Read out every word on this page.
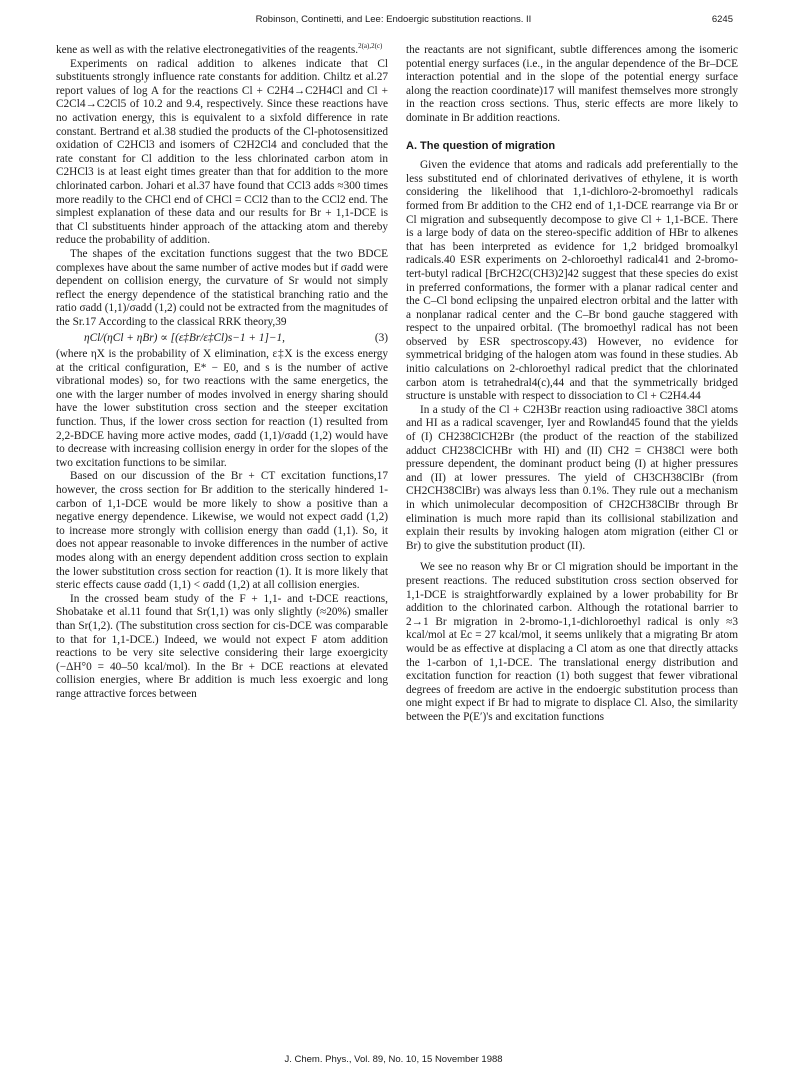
Robinson, Continetti, and Lee: Endoergic substitution reactions. II	6245

kene as well as with the relative electronegativities of the reagents.$^{2(a),2(c)}$

Experiments on radical addition to alkenes indicate that Cl substituents strongly influence rate constants for addition. Chiltz et al.27 report values of log A for the reactions Cl + C2H4→C2H4Cl and Cl + C2Cl4→C2Cl5 of 10.2 and 9.4, respectively. Since these reactions have no activation energy, this is equivalent to a sixfold difference in rate constant. Bertrand et al.38 studied the products of the Cl-photosensitized oxidation of C2HCl3 and isomers of C2H2Cl4 and concluded that the rate constant for Cl addition to the less chlorinated carbon atom in C2HCl3 is at least eight times greater than that for addition to the more chlorinated carbon. Johari et al.37 have found that CCl3 adds ≈300 times more readily to the CHCl end of CHCl = CCl2 than to the CCl2 end. The simplest explanation of these data and our results for Br + 1,1-DCE is that Cl substituents hinder approach of the attacking atom and thereby reduce the probability of addition.

The shapes of the excitation functions suggest that the two BDCE complexes have about the same number of active modes but if σadd were dependent on collision energy, the curvature of Sr would not simply reflect the energy dependence of the statistical branching ratio and the ratio σadd (1,1)/σadd (1,2) could not be extracted from the magnitudes of the Sr.17 According to the classical RRK theory,39

ηCl/(ηCl + ηBr) ∝ [(ε‡Br/ε‡Cl)s−1 + 1]−1,	(3)

(where ηX is the probability of X elimination, ε‡X is the excess energy at the critical configuration, E* − E0, and s is the number of active vibrational modes) so, for two reactions with the same energetics, the one with the larger number of modes involved in energy sharing should have the lower substitution cross section and the steeper excitation function. Thus, if the lower cross section for reaction (1) resulted from 2,2-BDCE having more active modes, σadd (1,1)/σadd (1,2) would have to decrease with increasing collision energy in order for the slopes of the two excitation functions to be similar.

Based on our discussion of the Br + CT excitation functions,17 however, the cross section for Br addition to the sterically hindered 1-carbon of 1,1-DCE would be more likely to show a positive than a negative energy dependence. Likewise, we would not expect σadd (1,2) to increase more strongly with collision energy than σadd (1,1). So, it does not appear reasonable to invoke differences in the number of active modes along with an energy dependent addition cross section to explain the lower substitution cross section for reaction (1). It is more likely that steric effects cause σadd (1,1) < σadd (1,2) at all collision energies.

In the crossed beam study of the F + 1,1- and t-DCE reactions, Shobatake et al.11 found that Sr(1,1) was only slightly (≈20%) smaller than Sr(1,2). (The substitution cross section for cis-DCE was comparable to that for 1,1-DCE.) Indeed, we would not expect F atom addition reactions to be very site selective considering their large exoergicity (−ΔH°0 = 40–50 kcal/mol). In the Br + DCE reactions at elevated collision energies, where Br addition is much less exoergic and long range attractive forces between

the reactants are not significant, subtle differences among the isomeric potential energy surfaces (i.e., in the angular dependence of the Br–DCE interaction potential and in the slope of the potential energy surface along the reaction coordinate)17 will manifest themselves more strongly in the reaction cross sections. Thus, steric effects are more likely to dominate in Br addition reactions.

A. The question of migration

Given the evidence that atoms and radicals add preferentially to the less substituted end of chlorinated derivatives of ethylene, it is worth considering the likelihood that 1,1-dichloro-2-bromoethyl radicals formed from Br addition to the CH2 end of 1,1-DCE rearrange via Br or Cl migration and subsequently decompose to give Cl + 1,1-BCE. There is a large body of data on the stereo-specific addition of HBr to alkenes that has been interpreted as evidence for 1,2 bridged bromoalkyl radicals.40 ESR experiments on 2-chloroethyl radical41 and 2-bromo-tert-butyl radical [BrCH2C(CH3)2]42 suggest that these species do exist in preferred conformations, the former with a planar radical center and the C–Cl bond eclipsing the unpaired electron orbital and the latter with a nonplanar radical center and the C–Br bond gauche staggered with respect to the unpaired orbital. (The bromoethyl radical has not been observed by ESR spectroscopy.43) However, no evidence for symmetrical bridging of the halogen atom was found in these studies. Ab initio calculations on 2-chloroethyl radical predict that the chlorinated carbon atom is tetrahedral4(c),44 and that the symmetrically bridged structure is unstable with respect to dissociation to Cl + C2H4.44

In a study of the Cl + C2H3Br reaction using radioactive 38Cl atoms and HI as a radical scavenger, Iyer and Rowland45 found that the yields of (I) CH238ClCH2Br (the product of the reaction of the stabilized adduct CH238ClCHBr with HI) and (II) CH2 = CH38Cl were both pressure dependent, the dominant product being (I) at higher pressures and (II) at lower pressures. The yield of CH3CH38ClBr (from CH2CH38ClBr) was always less than 0.1%. They rule out a mechanism in which unimolecular decomposition of CH2CH38ClBr through Br elimination is much more rapid than its collisional stabilization and explain their results by invoking halogen atom migration (either Cl or Br) to give the substitution product (II).

We see no reason why Br or Cl migration should be important in the present reactions. The reduced substitution cross section observed for 1,1-DCE is straightforwardly explained by a lower probability for Br addition to the chlorinated carbon. Although the rotational barrier to 2→1 Br migration in 2-bromo-1,1-dichloroethyl radical is only ≈3 kcal/mol at Ec = 27 kcal/mol, it seems unlikely that a migrating Br atom would be as effective at displacing a Cl atom as one that directly attacks the 1-carbon of 1,1-DCE. The translational energy distribution and excitation function for reaction (1) both suggest that fewer vibrational degrees of freedom are active in the endoergic substitution process than one might expect if Br had to migrate to displace Cl. Also, the similarity between the P(E′)'s and excitation functions

J. Chem. Phys., Vol. 89, No. 10, 15 November 1988
